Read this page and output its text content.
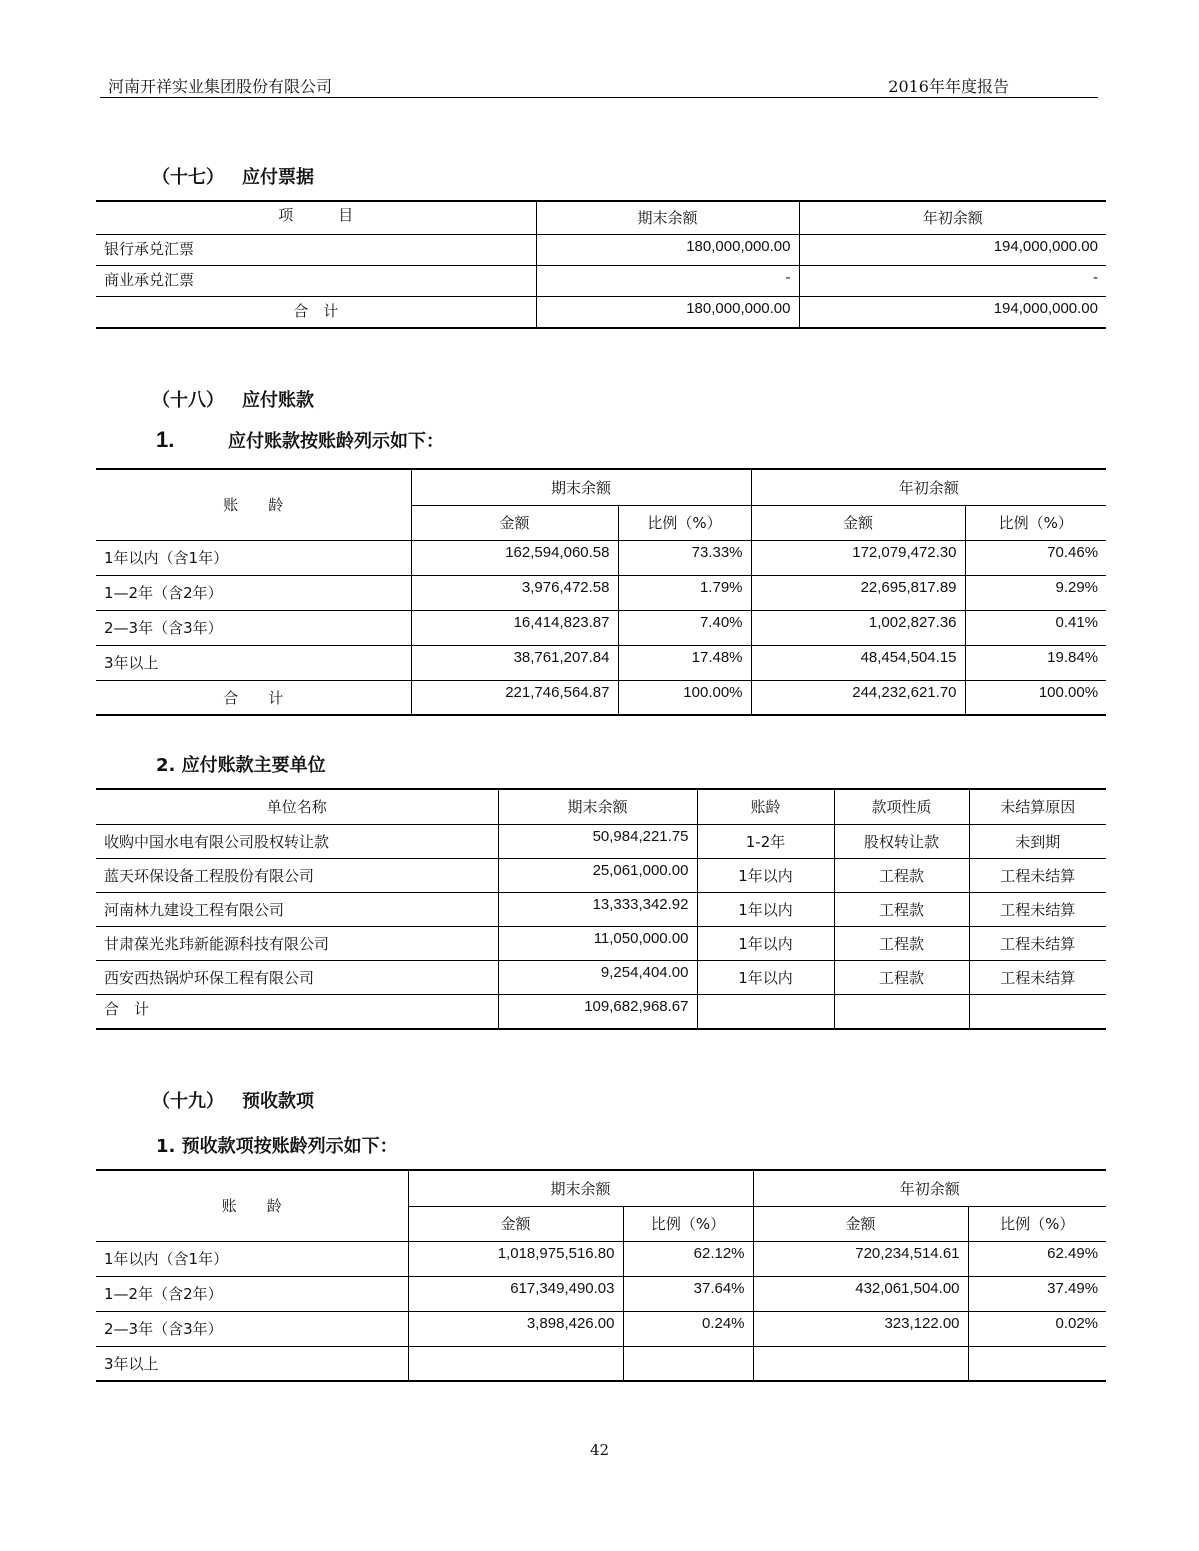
河南开祥实业集团股份有限公司	2016年年度报告
（十七） 应付票据
项　　　目	期末余额	年初余额
银行承兑汇票	180,000,000.00	194,000,000.00
商业承兑汇票	-	-
合　计	180,000,000.00	194,000,000.00
（十八） 应付账款
1.	应付账款按账龄列示如下：
账　　龄	期末余额		年初余额	
	金额	比例（%）	金额	比例（%）
1年以内（含1年）	162,594,060.58	73.33%	172,079,472.30	70.46%
1—2年（含2年）	3,976,472.58	1.79%	22,695,817.89	9.29%
2—3年（含3年）	16,414,823.87	7.40%	1,002,827.36	0.41%
3年以上	38,761,207.84	17.48%	48,454,504.15	19.84%
合　　计	221,746,564.87	100.00%	244,232,621.70	100.00%
2. 应付账款主要单位
单位名称	期末余额	账龄	款项性质	未结算原因
收购中国水电有限公司股权转让款	50,984,221.75	1-2年	股权转让款	未到期
蓝天环保设备工程股份有限公司	25,061,000.00	1年以内	工程款	工程未结算
河南林九建设工程有限公司	13,333,342.92	1年以内	工程款	工程未结算
甘肃葆光兆玮新能源科技有限公司	11,050,000.00	1年以内	工程款	工程未结算
西安西热锅炉环保工程有限公司	9,254,404.00	1年以内	工程款	工程未结算
合　计	109,682,968.67			
（十九） 预收款项
1. 预收款项按账龄列示如下：
账　　龄	期末余额		年初余额	
	金额	比例（%）	金额	比例（%）
1年以内（含1年）	1,018,975,516.80	62.12%	720,234,514.61	62.49%
1—2年（含2年）	617,349,490.03	37.64%	432,061,504.00	37.49%
2—3年（含3年）	3,898,426.00	0.24%	323,122.00	0.02%
3年以上				
42
